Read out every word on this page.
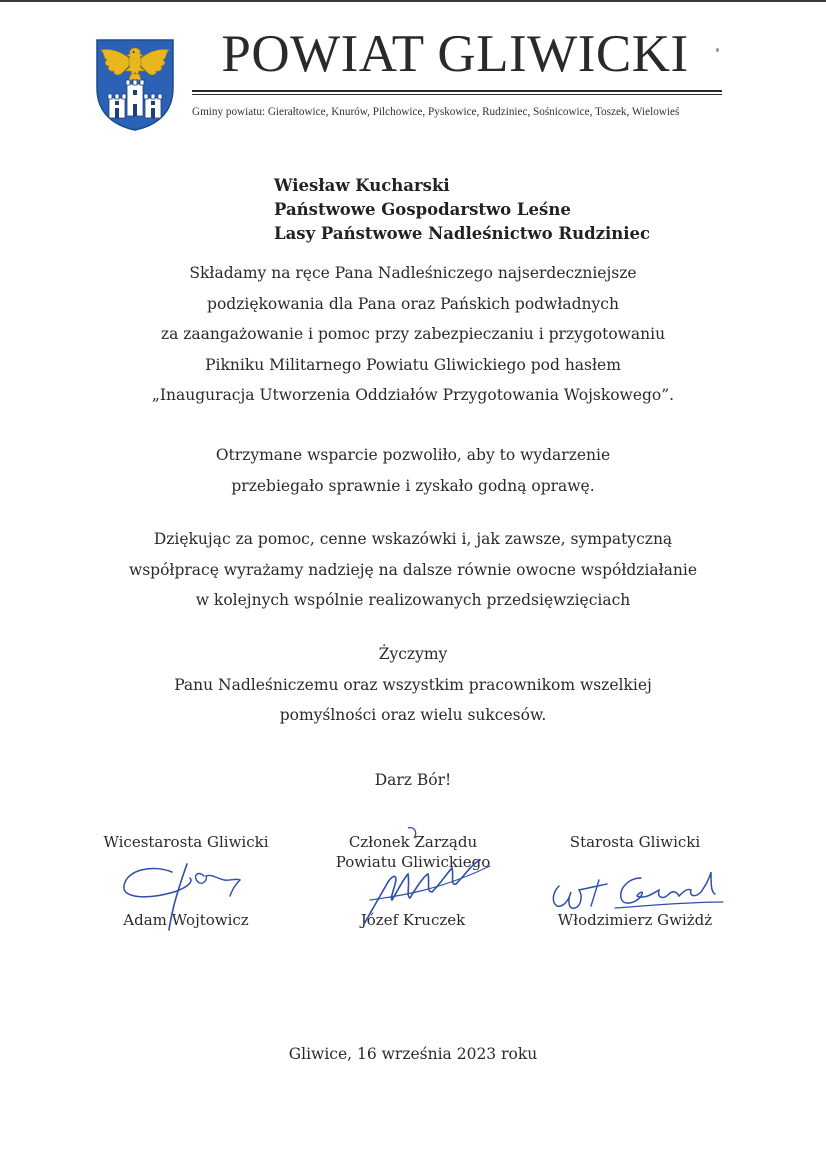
POWIAT GLIWICKI
Gminy powiatu: Gierałtowice, Knurów, Pilchowice, Pyskowice, Rudziniec, Sośnicowice, Toszek, Wielowieś
Wiesław Kucharski
Państwowe Gospodarstwo Leśne
Lasy Państwowe Nadleśnictwo Rudziniec
Składamy na ręce Pana Nadleśniczego najserdeczniejsze
podziękowania dla Pana oraz Pańskich podwładnych
za zaangażowanie i pomoc przy zabezpieczaniu i przygotowaniu
Pikniku Militarnego Powiatu Gliwickiego pod hasłem
„Inauguracja Utworzenia Oddziałów Przygotowania Wojskowego”.
Otrzymane wsparcie pozwoliło, aby to wydarzenie
przebiegało sprawnie i zyskało godną oprawę.
Dziękując za pomoc, cenne wskazówki i, jak zawsze, sympatyczną
współpracę wyrażamy nadzieję na dalsze równie owocne współdziałanie
w kolejnych wspólnie realizowanych przedsięwzięciach
Życzymy
Panu Nadleśniczemu oraz wszystkim pracownikom wszelkiej
pomyślności oraz wielu sukcesów.
Darz Bór!
Wicestarosta Gliwicki
Adam Wojtowicz
Członek Zarządu
Powiatu Gliwickiego
Józef Kruczek
Starosta Gliwicki
Włodzimierz Gwiżdż
Gliwice, 16 września 2023 roku
